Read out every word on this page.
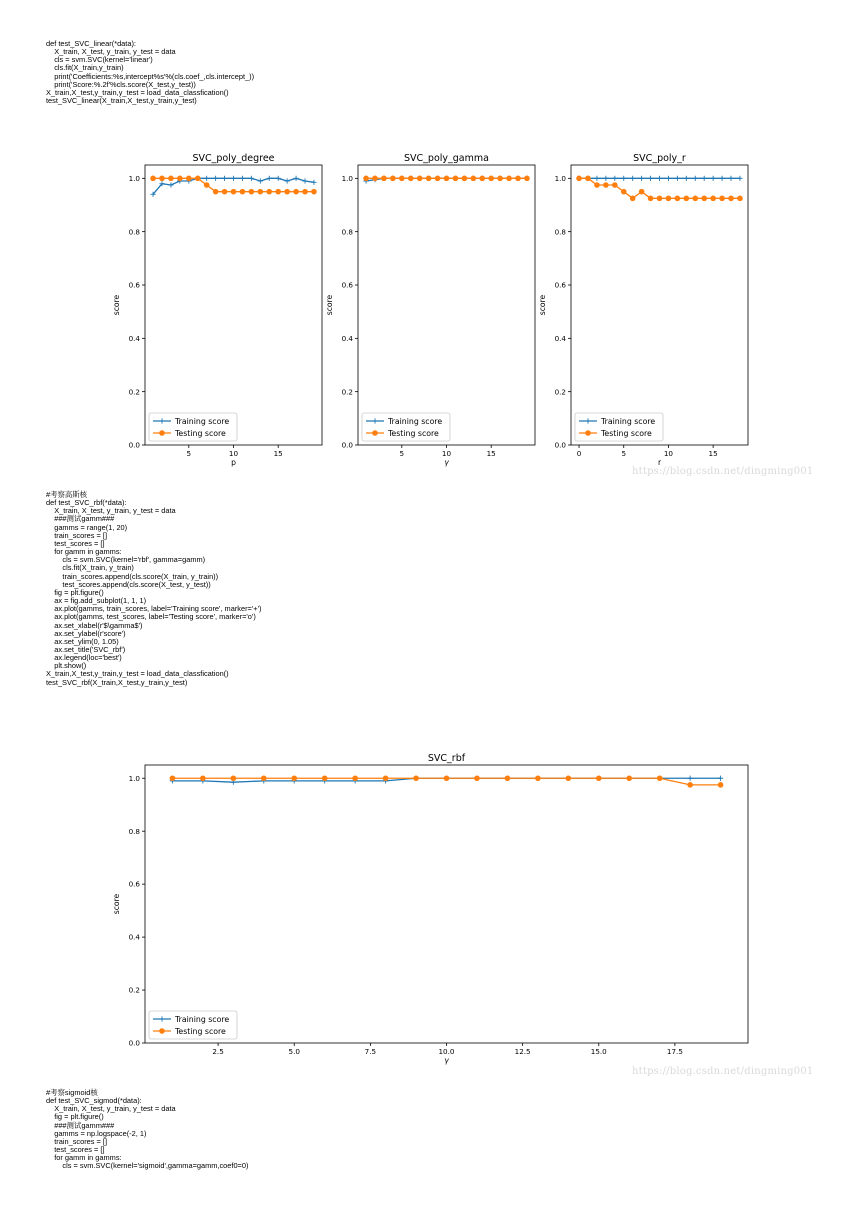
def test_SVC_linear(*data):
X_train, X_test, y_train, y_test = data
cls = svm.SVC(kernel='linear')
cls.fit(X_train,y_train)
print('Coefficients:%s,intercept%s'%(cls.coef_,cls.intercept_))
print('Score:%.2f'%cls.score(X_test,y_test))
X_train,X_test,y_train,y_test = load_data_classfication()
test_SVC_linear(X_train,X_test,y_train,y_test)

SVC_poly_degree
0.0
0.2
0.4
0.6
0.8
1.0
5	10	15
p
score
Training score
Testing score
SVC_poly_gamma
0.0
0.2
0.4
0.6
0.8
1.0
5	10	15
γ
score
Training score
Testing score
SVC_poly_r
0.0
0.2
0.4
0.6
0.8
1.0
0	5	10	15
r
score
Training score
Testing score
https://blog.csdn.net/dingming001
#考察高斯核
def test_SVC_rbf(*data):
X_train, X_test, y_train, y_test = data
###测试gamm###
gamms = range(1, 20)
train_scores = []
test_scores = []
for gamm in gamms:
cls = svm.SVC(kernel='rbf', gamma=gamm)
cls.fit(X_train, y_train)
train_scores.append(cls.score(X_train, y_train))
test_scores.append(cls.score(X_test, y_test))
fig = plt.figure()
ax = fig.add_subplot(1, 1, 1)
ax.plot(gamms, train_scores, label='Training score', marker='+')
ax.plot(gamms, test_scores, label='Testing score', marker='o')
ax.set_xlabel(r'$\gamma$')
ax.set_ylabel(r'score')
ax.set_ylim(0, 1.05)
ax.set_title('SVC_rbf')
ax.legend(loc='best')
plt.show()
X_train,X_test,y_train,y_test = load_data_classfication()
test_SVC_rbf(X_train,X_test,y_train,y_test)

SVC_rbf
0.0
0.2
0.4
0.6
0.8
1.0
2.5	5.0	7.5	10.0	12.5	15.0	17.5
γ
score
Training score
Testing score
https://blog.csdn.net/dingming001
#考察sigmoid核
def test_SVC_sigmod(*data):
X_train, X_test, y_train, y_test = data
fig = plt.figure()
###测试gamm###
gamms = np.logspace(-2, 1)
train_scores = []
test_scores = []
for gamm in gamms:
cls = svm.SVC(kernel='sigmoid',gamma=gamm,coef0=0)
